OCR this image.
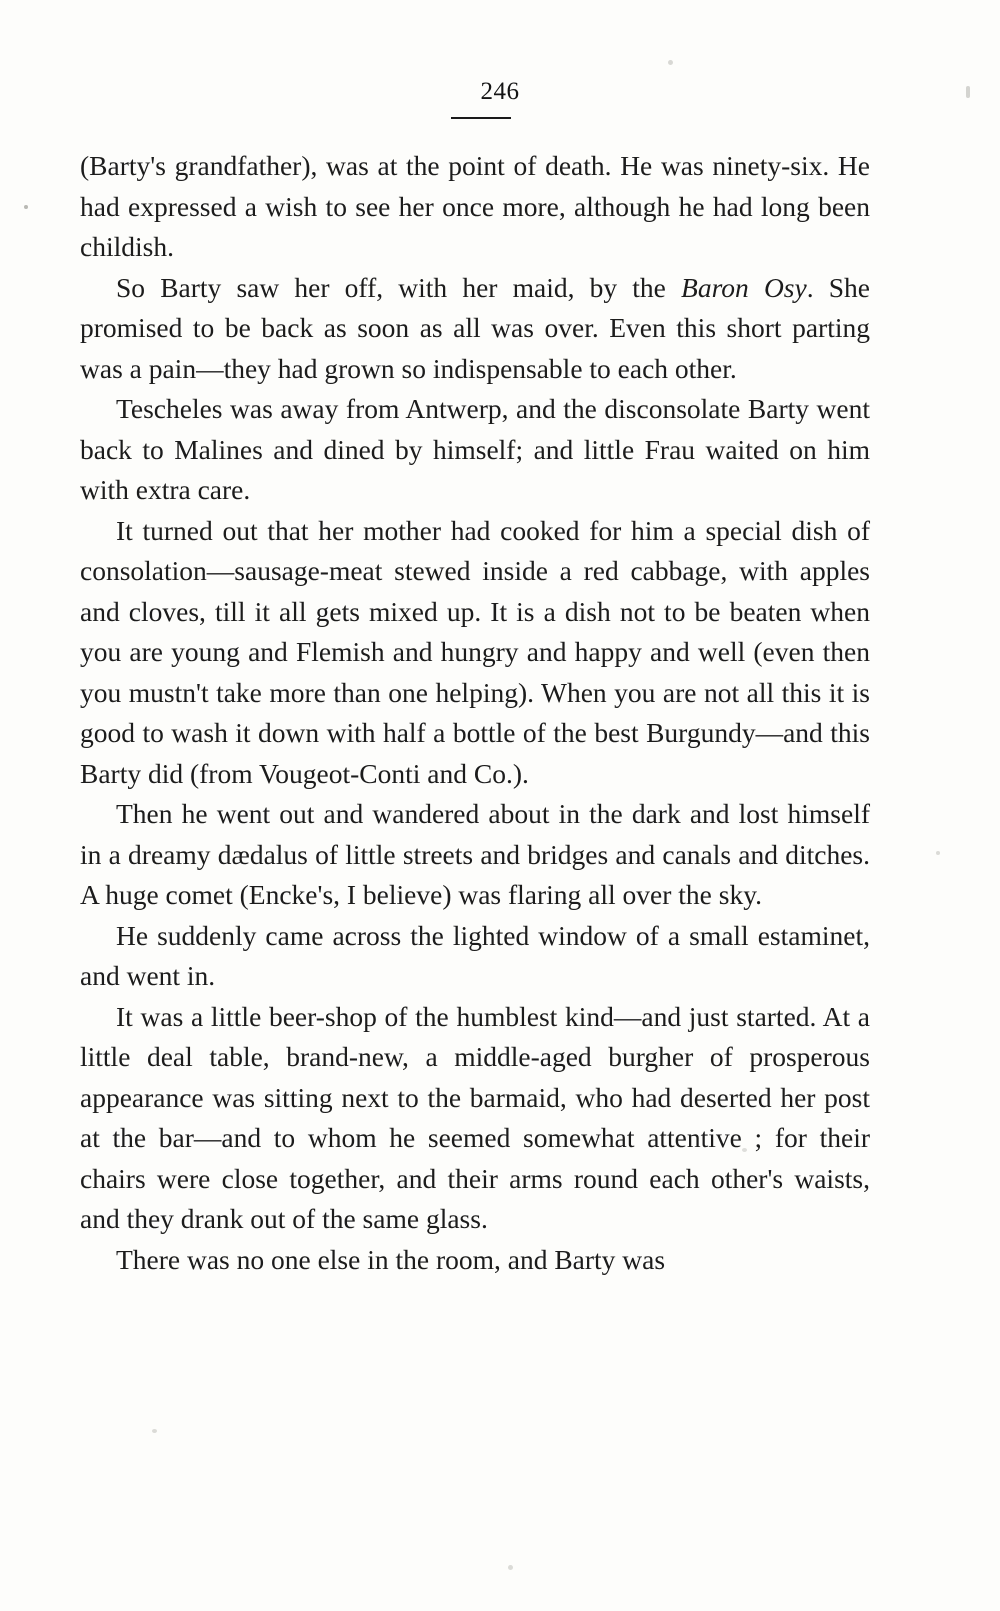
246

(Barty's grandfather), was at the point of death. He was ninety-six. He had expressed a wish to see her once more, although he had long been childish.

So Barty saw her off, with her maid, by the Baron Osy. She promised to be back as soon as all was over. Even this short parting was a pain—they had grown so indispensable to each other.

Tescheles was away from Antwerp, and the disconsolate Barty went back to Malines and dined by himself; and little Frau waited on him with extra care.

It turned out that her mother had cooked for him a special dish of consolation—sausage-meat stewed inside a red cabbage, with apples and cloves, till it all gets mixed up. It is a dish not to be beaten when you are young and Flemish and hungry and happy and well (even then you mustn't take more than one helping). When you are not all this it is good to wash it down with half a bottle of the best Burgundy—and this Barty did (from Vougeot-Conti and Co.).

Then he went out and wandered about in the dark and lost himself in a dreamy dædalus of little streets and bridges and canals and ditches. A huge comet (Encke's, I believe) was flaring all over the sky.

He suddenly came across the lighted window of a small estaminet, and went in.

It was a little beer-shop of the humblest kind—and just started. At a little deal table, brand-new, a middle-aged burgher of prosperous appearance was sitting next to the barmaid, who had deserted her post at the bar—and to whom he seemed somewhat attentive ; for their chairs were close together, and their arms round each other's waists, and they drank out of the same glass.

There was no one else in the room, and Barty was
